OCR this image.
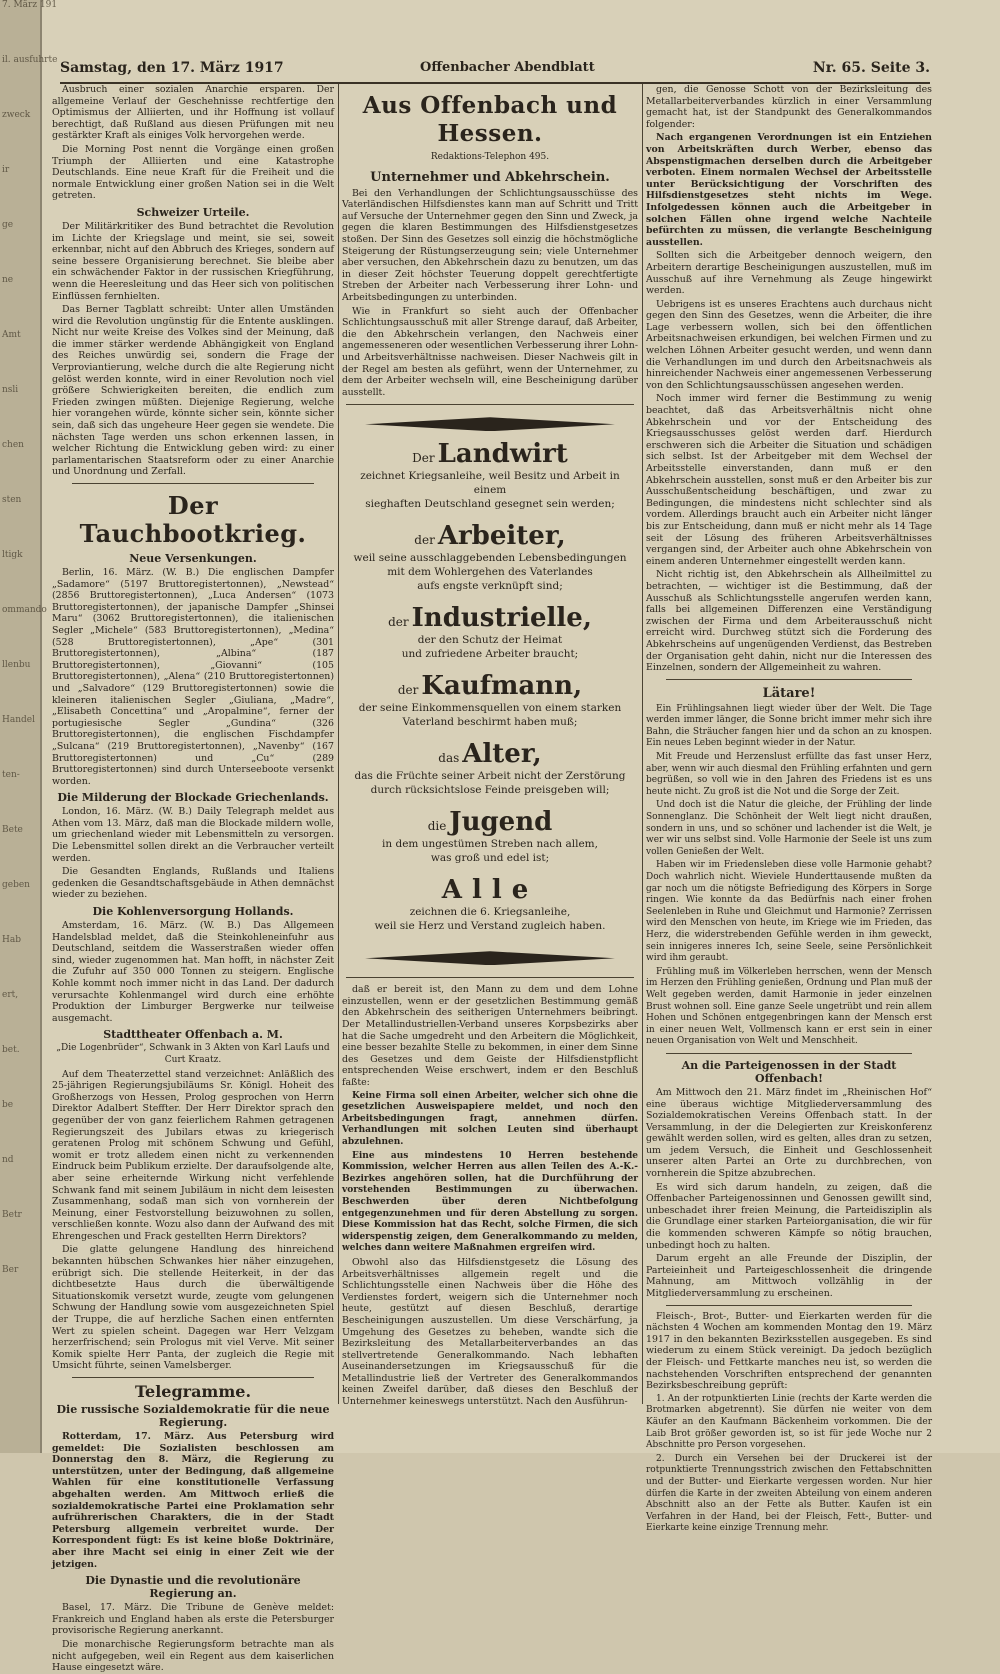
7. März 191
il. ausfuhrte
zweck
ir
ge
ne
Amt
nsli
chen
sten
ltigk
ommando
llenbu
Handel
ten-
Bete
geben
Hab
ert,
bet.
be
nd
Betr
Ber
Samstag, den 17. März 1917	Offenbacher Abendblatt	Nr. 65. Seite 3.

Ausbruch einer sozialen Anarchie ersparen. Der allgemeine Verlauf der Geschehnisse rechtfertige den Optimismus der Alliierten, und ihr Hoffnung ist vollauf berechtigt, daß Rußland aus diesen Prüfungen mit neu gestärkter Kraft als einiges Volk hervorgehen werde.

Die Morning Post nennt die Vorgänge einen großen Triumph der Alliierten und eine Katastrophe Deutschlands. Eine neue Kraft für die Freiheit und die normale Entwicklung einer großen Nation sei in die Welt getreten.

Schweizer Urteile.

Der Militärkritiker des Bund betrachtet die Revolution im Lichte der Kriegslage und meint, sie sei, soweit erkennbar, nicht auf den Abbruch des Krieges, sondern auf seine bessere Organisierung berechnet. Sie bleibe aber ein schwächender Faktor in der russischen Kriegführung, wenn die Heeresleitung und das Heer sich von politischen Einflüssen fernhielten.

Das Berner Tagblatt schreibt: Unter allen Umständen wird die Revolution ungünstig für die Entente ausklingen. Nicht nur weite Kreise des Volkes sind der Meinung, daß die immer stärker werdende Abhängigkeit von England des Reiches unwürdig sei, sondern die Frage der Verproviantierung, welche durch die alte Regierung nicht gelöst werden konnte, wird in einer Revolution noch viel größere Schwierigkeiten bereiten, die endlich zum Frieden zwingen müßten. Diejenige Regierung, welche hier vorangehen würde, könnte sicher sein, könnte sicher sein, daß sich das ungeheure Heer gegen sie wendete. Die nächsten Tage werden uns schon erkennen lassen, in welcher Richtung die Entwicklung geben wird: zu einer parlamentarischen Staatsreform oder zu einer Anarchie und Unordnung und Zerfall.

Der Tauchbootkrieg.
Neue Versenkungen.

Berlin, 16. März. (W. B.) Die englischen Dampfer „Sadamore“ (5197 Bruttoregistertonnen), „Newstead“ (2856 Bruttoregistertonnen), „Luca Andersen“ (1073 Bruttoregistertonnen), der japanische Dampfer „Shinsei Maru“ (3062 Bruttoregistertonnen), die italienischen Segler „Michele“ (583 Bruttoregistertonnen), „Medina“ (528 Bruttoregistertonnen), „Ape“ (301 Bruttoregistertonnen), „Albina“ (187 Bruttoregistertonnen), „Giovanni“ (105 Bruttoregistertonnen), „Alena“ (210 Bruttoregistertonnen) und „Salvadore“ (129 Bruttoregistertonnen) sowie die kleineren italienischen Segler „Giuliana, „Madre“, „Elisabeth Concettina“ und „Aropalmine“, ferner der portugiesische Segler „Gundina“ (326 Bruttoregistertonnen), die englischen Fischdampfer „Sulcana“ (219 Bruttoregistertonnen), „Navenby“ (167 Bruttoregistertonnen) und „Cu“ (289 Bruttoregistertonnen) sind durch Unterseeboote versenkt worden.

Die Milderung der Blockade Griechenlands.

London, 16. März. (W. B.) Daily Telegraph meldet aus Athen vom 13. März, daß man die Blockade mildern wolle, um griechenland wieder mit Lebensmitteln zu versorgen. Die Lebensmittel sollen direkt an die Verbraucher verteilt werden.

Die Gesandten Englands, Rußlands und Italiens gedenken die Gesandtschaftsgebäude in Athen demnächst wieder zu beziehen.

Die Kohlenversorgung Hollands.

Amsterdam, 16. März. (W. B.) Das Allgemeen Handelsblad meldet, daß die Steinkohleneinfuhr aus Deutschland, seitdem die Wasserstraßen wieder offen sind, wieder zugenommen hat. Man hofft, in nächster Zeit die Zufuhr auf 350 000 Tonnen zu steigern. Englische Kohle kommt noch immer nicht in das Land. Der dadurch verursachte Kohlenmangel wird durch eine erhöhte Produktion der Limburger Bergwerke nur teilweise ausgemacht.

Stadttheater Offenbach a. M.
„Die Logenbrüder“, Schwank in 3 Akten von Karl Laufs und Curt Kraatz.

Auf dem Theaterzettel stand verzeichnet: Anläßlich des 25-jährigen Regierungsjubiläums Sr. Königl. Hoheit des Großherzogs von Hessen, Prolog gesprochen von Herrn Direktor Adalbert Steffter. Der Herr Direktor sprach den gegenüber der von ganz feierlichem Rahmen getragenen Regierungszeit des Jubilars etwas zu kriegerisch geratenen Prolog mit schönem Schwung und Gefühl, womit er trotz alledem einen nicht zu verkennenden Eindruck beim Publikum erzielte. Der daraufsolgende alte, aber seine erheiternde Wirkung nicht verfehlende Schwank fand mit seinem Jubiläum in nicht dem leisesten Zusammenhang, sodaß man sich von vornherein der Meinung, einer Festvorstellung beizuwohnen zu sollen, verschließen konnte. Wozu also dann der Aufwand des mit Ehrengeschen und Frack gestellten Herrn Direktors?

Die glatte gelungene Handlung des hinreichend bekannten hübschen Schwankes hier näher einzugehen, erübrigt sich. Die stellende Heiterkeit, in der das dichtbesetzte Haus durch die überwältigende Situationskomik versetzt wurde, zeugte vom gelungenen Schwung der Handlung sowie vom ausgezeichneten Spiel der Truppe, die auf herzliche Sachen einen entfernten Wert zu spielen scheint. Dagegen war Herr Velzgam herzerfrischend; sein Prologus mit viel Verve. Mit seiner Komik spielte Herr Panta, der zugleich die Regie mit Umsicht führte, seinen Vamelsberger.

Telegramme.
Die russische Sozialdemokratie für die neue Regierung.

Rotterdam, 17. März. Aus Petersburg wird gemeldet: Die Sozialisten beschlossen am Donnerstag den 8. März, die Regierung zu unterstützen, unter der Bedingung, daß allgemeine Wahlen für eine konstitutionelle Verfassung abgehalten werden. Am Mittwoch erließ die sozialdemokratische Partei eine Proklamation sehr aufrührerischen Charakters, die in der Stadt Petersburg allgemein verbreitet wurde. Der Korrespondent fügt: Es ist keine bloße Doktrinäre, aber ihre Macht sei einig in einer Zeit wie der jetzigen.

Die Dynastie und die revolutionäre Regierung an.

Basel, 17. März. Die Tribune de Genève meldet: Frankreich und England haben als erste die Petersburger provisorische Regierung anerkannt.

Die monarchische Regierungsform betrachte man als nicht aufgegeben, weil ein Regent aus dem kaiserlichen Hause eingesetzt wäre.

Aus Offenbach und Hessen.
Redaktions-Telephon 495.
Unternehmer und Abkehrschein.

Bei den Verhandlungen der Schlichtungsausschüsse des Vaterländischen Hilfsdienstes kann man auf Schritt und Tritt auf Versuche der Unternehmer gegen den Sinn und Zweck, ja gegen die klaren Bestimmungen des Hilfsdienstgesetzes stoßen. Der Sinn des Gesetzes soll einzig die höchstmögliche Steigerung der Rüstungserzeugung sein; viele Unternehmer aber versuchen, den Abkehrschein dazu zu benutzen, um das in dieser Zeit höchster Teuerung doppelt gerechtfertigte Streben der Arbeiter nach Verbesserung ihrer Lohn- und Arbeitsbedingungen zu unterbinden.

Wie in Frankfurt so sieht auch der Offenbacher Schlichtungsausschuß mit aller Strenge darauf, daß Arbeiter, die den Abkehrschein verlangen, den Nachweis einer angemesseneren oder wesentlichen Verbesserung ihrer Lohn- und Arbeitsverhältnisse nachweisen. Dieser Nachweis gilt in der Regel am besten als geführt, wenn der Unternehmer, zu dem der Arbeiter wechseln will, eine Bescheinigung darüber ausstellt.

Der Landwirt
zeichnet Kriegsanleihe, weil Besitz und Arbeit in einem
sieghaften Deutschland gesegnet sein werden;
der Arbeiter,
weil seine ausschlaggebenden Lebensbedingungen
mit dem Wohlergehen des Vaterlandes
aufs engste verknüpft sind;
der Industrielle,
der den Schutz der Heimat
und zufriedene Arbeiter braucht;
der Kaufmann,
der seine Einkommensquellen von einem starken
Vaterland beschirmt haben muß;
das Alter,
das die Früchte seiner Arbeit nicht der Zerstörung
durch rücksichtslose Feinde preisgeben will;
die Jugend
in dem ungestümen Streben nach allem,
was groß und edel ist;
Alle
zeichnen die 6. Kriegsanleihe,
weil sie Herz und Verstand zugleich haben.

daß er bereit ist, den Mann zu dem und dem Lohne einzustellen, wenn er der gesetzlichen Bestimmung gemäß den Abkehrschein des seitherigen Unternehmers beibringt. Der Metallindustriellen-Verband unseres Korpsbezirks aber hat die Sache umgedreht und den Arbeitern die Möglichkeit, eine besser bezahlte Stelle zu bekommen, in einer dem Sinne des Gesetzes und dem Geiste der Hilfsdienstpflicht entsprechenden Weise erschwert, indem er den Beschluß faßte:

Keine Firma soll einen Arbeiter, welcher sich ohne die gesetzlichen Ausweispapiere meldet, und noch den Arbeitsbedingungen fragt, annehmen dürfen. Verhandlungen mit solchen Leuten sind überhaupt abzulehnen.

Eine aus mindestens 10 Herren bestehende Kommission, welcher Herren aus allen Teilen des A.-K.-Bezirkes angehören sollen, hat die Durchführung der vorstehenden Bestimmungen zu überwachen. Beschwerden über deren Nichtbefolgung entgegenzunehmen und für deren Abstellung zu sorgen. Diese Kommission hat das Recht, solche Firmen, die sich widerspenstig zeigen, dem Generalkommando zu melden, welches dann weitere Maßnahmen ergreifen wird.

Obwohl also das Hilfsdienstgesetz die Lösung des Arbeitsverhältnisses allgemein regelt und die Schlichtungsstelle einen Nachweis über die Höhe des Verdienstes fordert, weigern sich die Unternehmer noch heute, gestützt auf diesen Beschluß, derartige Bescheinigungen auszustellen. Um diese Verschärfung, ja Umgehung des Gesetzes zu beheben, wandte sich die Bezirksleitung des Metallarbeiterverbandes an das stellvertretende Generalkommando. Nach lebhaften Auseinandersetzungen im Kriegsausschuß für die Metallindustrie ließ der Vertreter des Generalkommandos keinen Zweifel darüber, daß dieses den Beschluß der Unternehmer keineswegs unterstützt. Nach den Ausführun-

gen, die Genosse Schott von der Bezirksleitung des Metallarbeiterverbandes kürzlich in einer Versammlung gemacht hat, ist der Standpunkt des Generalkommandos folgender:

Nach ergangenen Verordnungen ist ein Entziehen von Arbeitskräften durch Werber, ebenso das Abspenstigmachen derselben durch die Arbeitgeber verboten. Einem normalen Wechsel der Arbeitsstelle unter Berücksichtigung der Vorschriften des Hilfsdienstgesetzes steht nichts im Wege. Infolgedessen können auch die Arbeitgeber in solchen Fällen ohne irgend welche Nachteile befürchten zu müssen, die verlangte Bescheinigung ausstellen.

Sollten sich die Arbeitgeber dennoch weigern, den Arbeitern derartige Bescheinigungen auszustellen, muß im Ausschuß auf ihre Vernehmung als Zeuge hingewirkt werden.

Uebrigens ist es unseres Erachtens auch durchaus nicht gegen den Sinn des Gesetzes, wenn die Arbeiter, die ihre Lage verbessern wollen, sich bei den öffentlichen Arbeitsnachweisen erkundigen, bei welchen Firmen und zu welchen Löhnen Arbeiter gesucht werden, und wenn dann die Verhandlungen im und durch den Arbeitsnachweis als hinreichender Nachweis einer angemessenen Verbesserung von den Schlichtungsausschüssen angesehen werden.

Noch immer wird ferner die Bestimmung zu wenig beachtet, daß das Arbeitsverhältnis nicht ohne Abkehrschein und vor der Entscheidung des Kriegsausschusses gelöst werden darf. Hierdurch erschweren sich die Arbeiter die Situation und schädigen sich selbst. Ist der Arbeitgeber mit dem Wechsel der Arbeitsstelle einverstanden, dann muß er den Abkehrschein ausstellen, sonst muß er den Arbeiter bis zur Ausschußentscheidung beschäftigen, und zwar zu Bedingungen, die mindestens nicht schlechter sind als vordem. Allerdings braucht auch ein Arbeiter nicht länger bis zur Entscheidung, dann muß er nicht mehr als 14 Tage seit der Lösung des früheren Arbeitsverhältnisses vergangen sind, der Arbeiter auch ohne Abkehrschein von einem anderen Unternehmer eingestellt werden kann.

Nicht richtig ist, den Abkehrschein als Allheilmittel zu betrachten, — wichtiger ist die Bestimmung, daß der Ausschuß als Schlichtungsstelle angerufen werden kann, falls bei allgemeinen Differenzen eine Verständigung zwischen der Firma und dem Arbeiterausschuß nicht erreicht wird. Durchweg stützt sich die Forderung des Abkehrscheins auf ungenügenden Verdienst, das Bestreben der Organisation geht dahin, nicht nur die Interessen des Einzelnen, sondern der Allgemeinheit zu wahren.

Lätare!

Ein Frühlingsahnen liegt wieder über der Welt. Die Tage werden immer länger, die Sonne bricht immer mehr sich ihre Bahn, die Sträucher fangen hier und da schon an zu knospen. Ein neues Leben beginnt wieder in der Natur.

Mit Freude und Herzenslust erfüllte das fast unser Herz, aber, wenn wir auch diesmal den Frühling erfahnten und gern begrüßen, so voll wie in den Jahren des Friedens ist es uns heute nicht. Zu groß ist die Not und die Sorge der Zeit.

Und doch ist die Natur die gleiche, der Frühling der linde Sonnenglanz. Die Schönheit der Welt liegt nicht draußen, sondern in uns, und so schöner und lachender ist die Welt, je wer wir uns selbst sind. Volle Harmonie der Seele ist uns zum vollen Genießen der Welt.

Haben wir im Friedensleben diese volle Harmonie gehabt? Doch wahrlich nicht. Wieviele Hunderttausende mußten da gar noch um die nötigste Befriedigung des Körpers in Sorge ringen. Wie konnte da das Bedürfnis nach einer frohen Seelenleben in Ruhe und Gleichmut und Harmonie? Zerrissen wird den Menschen von heute, im Kriege wie im Frieden, das Herz, die widerstrebenden Gefühle werden in ihm geweckt, sein innigeres inneres Ich, seine Seele, seine Persönlichkeit wird ihm geraubt.

Frühling muß im Völkerleben herrschen, wenn der Mensch im Herzen den Frühling genießen, Ordnung und Plan muß der Welt gegeben werden, damit Harmonie in jeder einzelnen Brust wohnen soll. Eine ganze Seele ungetrübt und rein allem Hohen und Schönen entgegenbringen kann der Mensch erst in einer neuen Welt, Vollmensch kann er erst sein in einer neuen Organisation von Welt und Menschheit.

An die Parteigenossen in der Stadt Offenbach!

Am Mittwoch den 21. März findet im „Rheinischen Hof“ eine überaus wichtige Mitgliederversammlung des Sozialdemokratischen Vereins Offenbach statt. In der Versammlung, in der die Delegierten zur Kreiskonferenz gewählt werden sollen, wird es gelten, alles dran zu setzen, um jedem Versuch, die Einheit und Geschlossenheit unserer alten Partei an Orte zu durchbrechen, von vornherein die Spitze abzubrechen.

Es wird sich darum handeln, zu zeigen, daß die Offenbacher Parteigenossinnen und Genossen gewillt sind, unbeschadet ihrer freien Meinung, die Parteidisziplin als die Grundlage einer starken Parteiorganisation, die wir für die kommenden schweren Kämpfe so nötig brauchen, unbedingt hoch zu halten.

Darum ergeht an alle Freunde der Disziplin, der Parteieinheit und Parteigeschlossenheit die dringende Mahnung, am Mittwoch vollzählig in der Mitgliederversammlung zu erscheinen.

Fleisch-, Brot-, Butter- und Eierkarten werden für die nächsten 4 Wochen am kommenden Montag den 19. März 1917 in den bekannten Bezirksstellen ausgegeben. Es sind wiederum zu einem Stück vereinigt. Da jedoch bezüglich der Fleisch- und Fettkarte manches neu ist, so werden die nachstehenden Vorschriften entsprechend der genannten Bezirksbeschreibung geprüft:

1. An der rotpunktierten Linie (rechts der Karte werden die Brotmarken abgetrennt). Sie dürfen nie weiter von dem Käufer an den Kaufmann Bäckenheim vorkommen. Die der Laib Brot größer geworden ist, so ist für jede Woche nur 2 Abschnitte pro Person vorgesehen.

2. Durch ein Versehen bei der Druckerei ist der rotpunktierte Trennungsstrich zwischen den Fettabschnitten und der Butter- und Eierkarte vergessen worden. Nur hier dürfen die Karte in der zweiten Abteilung von einem anderen Abschnitt also an der Fette als Butter. Kaufen ist ein Verfahren in der Hand, bei der Fleisch, Fett-, Butter- und Eierkarte keine einzige Trennung mehr.
